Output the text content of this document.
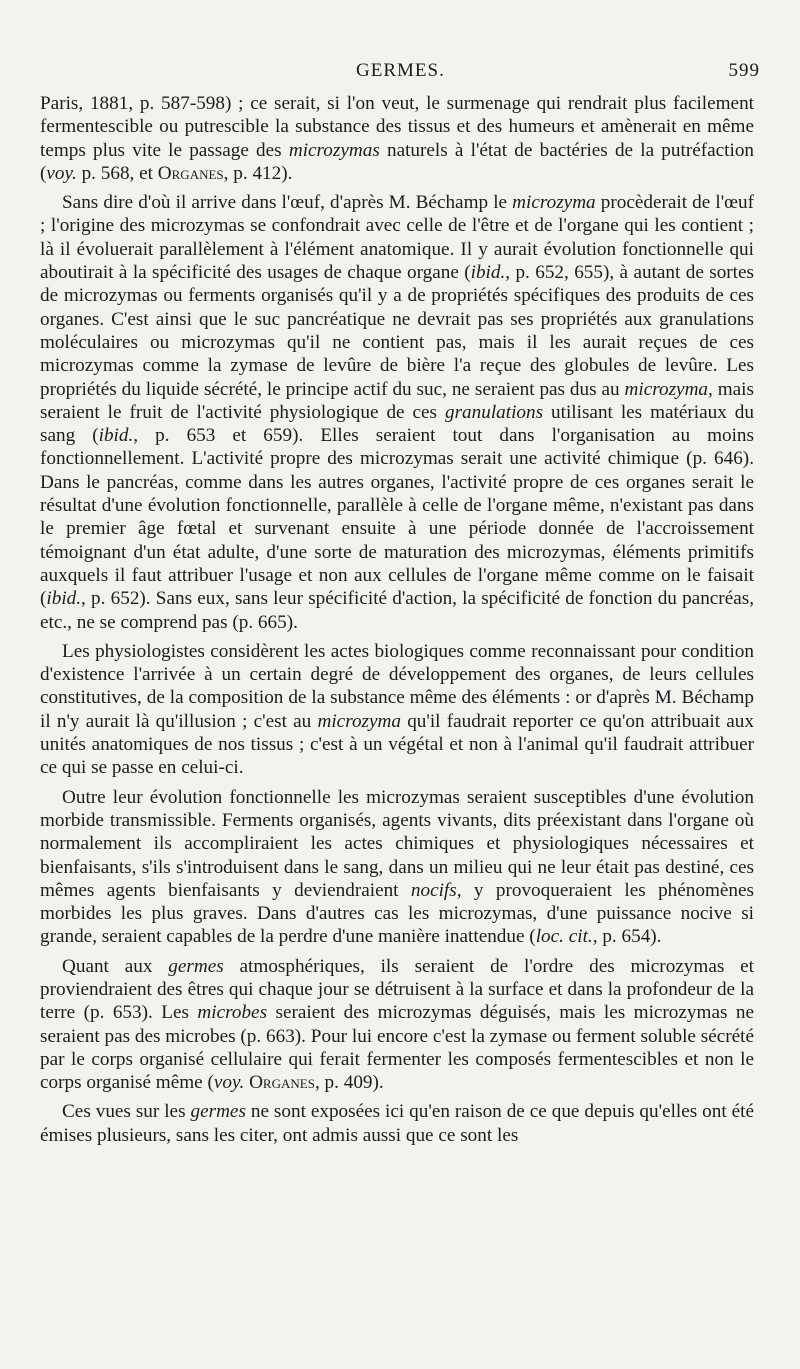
GERMES.	599

Paris, 1881, p. 587-598) ; ce serait, si l'on veut, le surmenage qui rendrait plus facilement fermentescible ou putrescible la substance des tissus et des humeurs et amènerait en même temps plus vite le passage des microzymas naturels à l'état de bactéries de la putréfaction (voy. p. 568, et Organes, p. 412).

Sans dire d'où il arrive dans l'œuf, d'après M. Béchamp le microzyma procèderait de l'œuf ; l'origine des microzymas se confondrait avec celle de l'être et de l'organe qui les contient ; là il évoluerait parallèlement à l'élément anatomique. Il y aurait évolution fonctionnelle qui aboutirait à la spécificité des usages de chaque organe (ibid., p. 652, 655), à autant de sortes de microzymas ou ferments organisés qu'il y a de propriétés spécifiques des produits de ces organes. C'est ainsi que le suc pancréatique ne devrait pas ses propriétés aux granulations moléculaires ou microzymas qu'il ne contient pas, mais il les aurait reçues de ces microzymas comme la zymase de levûre de bière l'a reçue des globules de levûre. Les propriétés du liquide sécrété, le principe actif du suc, ne seraient pas dus au microzyma, mais seraient le fruit de l'activité physiologique de ces granulations utilisant les matériaux du sang (ibid., p. 653 et 659). Elles seraient tout dans l'organisation au moins fonctionnellement. L'activité propre des microzymas serait une activité chimique (p. 646). Dans le pancréas, comme dans les autres organes, l'activité propre de ces organes serait le résultat d'une évolution fonctionnelle, parallèle à celle de l'organe même, n'existant pas dans le premier âge fœtal et survenant ensuite à une période donnée de l'accroissement témoignant d'un état adulte, d'une sorte de maturation des microzymas, éléments primitifs auxquels il faut attribuer l'usage et non aux cellules de l'organe même comme on le faisait (ibid., p. 652). Sans eux, sans leur spécificité d'action, la spécificité de fonction du pancréas, etc., ne se comprend pas (p. 665).

Les physiologistes considèrent les actes biologiques comme reconnaissant pour condition d'existence l'arrivée à un certain degré de développement des organes, de leurs cellules constitutives, de la composition de la substance même des éléments : or d'après M. Béchamp il n'y aurait là qu'illusion ; c'est au microzyma qu'il faudrait reporter ce qu'on attribuait aux unités anatomiques de nos tissus ; c'est à un végétal et non à l'animal qu'il faudrait attribuer ce qui se passe en celui-ci.

Outre leur évolution fonctionnelle les microzymas seraient susceptibles d'une évolution morbide transmissible. Ferments organisés, agents vivants, dits préexistant dans l'organe où normalement ils accompliraient les actes chimiques et physiologiques nécessaires et bienfaisants, s'ils s'introduisent dans le sang, dans un milieu qui ne leur était pas destiné, ces mêmes agents bienfaisants y deviendraient nocifs, y provoqueraient les phénomènes morbides les plus graves. Dans d'autres cas les microzymas, d'une puissance nocive si grande, seraient capables de la perdre d'une manière inattendue (loc. cit., p. 654).

Quant aux germes atmosphériques, ils seraient de l'ordre des microzymas et proviendraient des êtres qui chaque jour se détruisent à la surface et dans la profondeur de la terre (p. 653). Les microbes seraient des microzymas déguisés, mais les microzymas ne seraient pas des microbes (p. 663). Pour lui encore c'est la zymase ou ferment soluble sécrété par le corps organisé cellulaire qui ferait fermenter les composés fermentescibles et non le corps organisé même (voy. Organes, p. 409).

Ces vues sur les germes ne sont exposées ici qu'en raison de ce que depuis qu'elles ont été émises plusieurs, sans les citer, ont admis aussi que ce sont les
